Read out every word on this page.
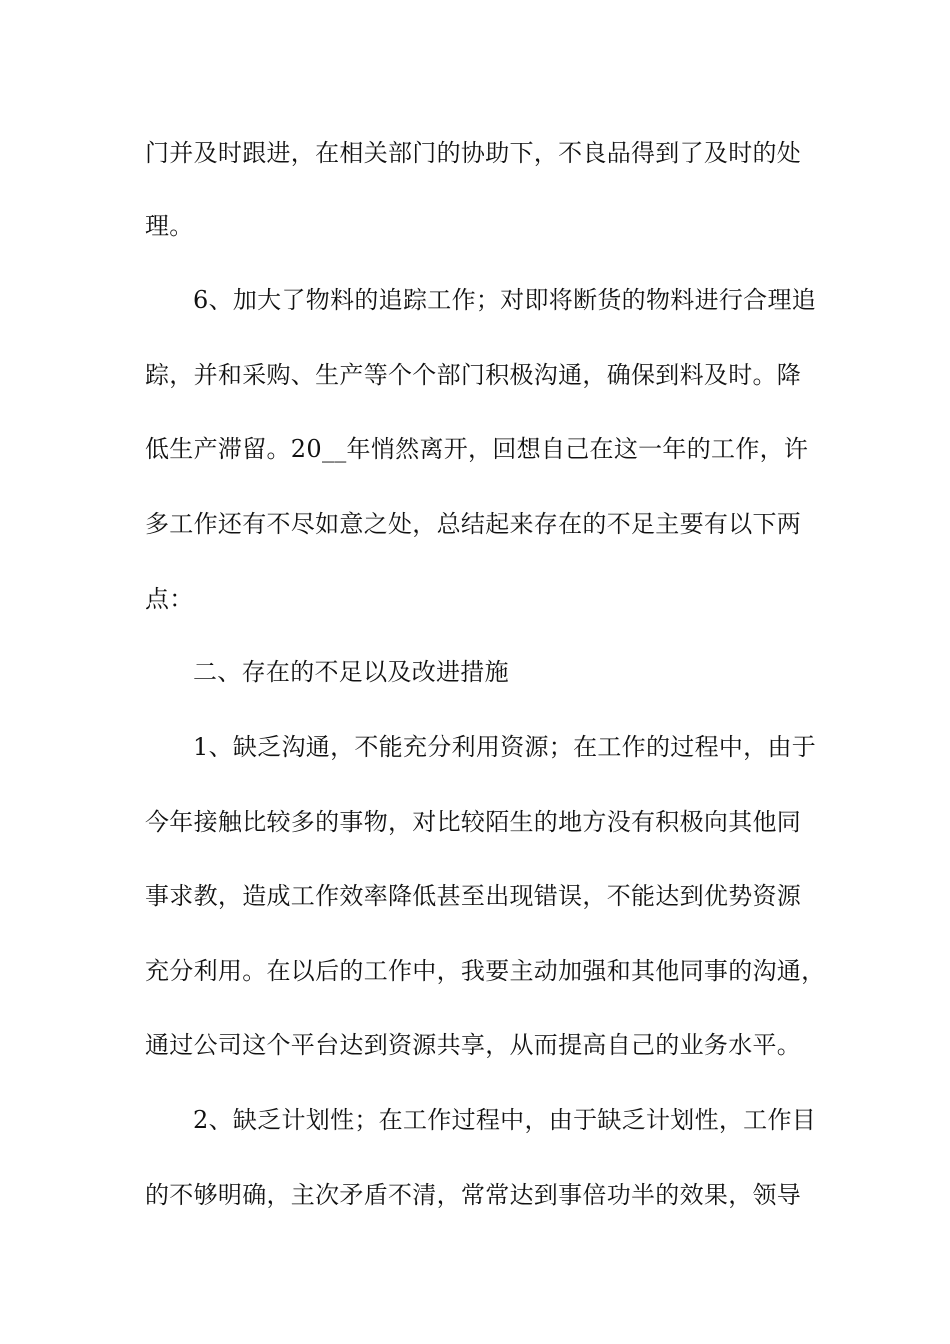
门并及时跟进，在相关部门的协助下，不良品得到了及时的处
理。
6、加大了物料的追踪工作；对即将断货的物料进行合理追
踪，并和采购、生产等个个部门积极沟通，确保到料及时。降
低生产滞留。20__年悄然离开，回想自己在这一年的工作，许
多工作还有不尽如意之处，总结起来存在的不足主要有以下两
点：
二、存在的不足以及改进措施
1、缺乏沟通，不能充分利用资源；在工作的过程中，由于
今年接触比较多的事物，对比较陌生的地方没有积极向其他同
事求教，造成工作效率降低甚至出现错误，不能达到优势资源
充分利用。在以后的工作中，我要主动加强和其他同事的沟通，
通过公司这个平台达到资源共享，从而提高自己的业务水平。
2、缺乏计划性；在工作过程中，由于缺乏计划性，工作目
的不够明确，主次矛盾不清，常常达到事倍功半的效果，领导
